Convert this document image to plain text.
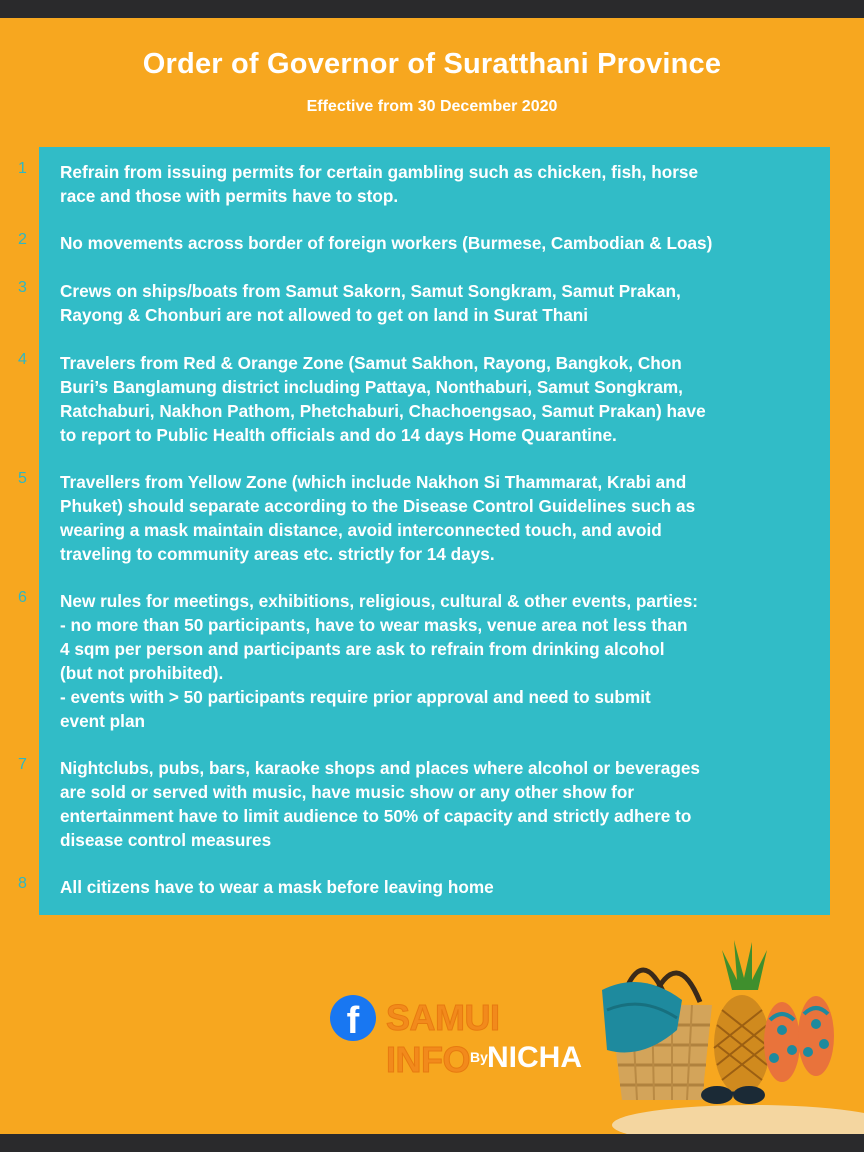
Order of Governor of Suratthani Province
Effective from 30 December 2020
1 Refrain from issuing permits for certain gambling such as chicken, fish, horse
race and those with permits have to stop.
2 No movements across border of foreign workers (Burmese, Cambodian & Loas)
3 Crews on ships/boats from Samut Sakorn, Samut Songkram, Samut Prakan,
Rayong & Chonburi are not allowed to get on land in Surat Thani
4 Travelers from Red & Orange Zone (Samut Sakhon, Rayong, Bangkok, Chon
Buri’s Banglamung district including Pattaya, Nonthaburi, Samut Songkram,
Ratchaburi, Nakhon Pathom, Phetchaburi, Chachoengsao, Samut Prakan) have
to report to Public Health officials and do 14 days Home Quarantine.
5 Travellers from Yellow Zone (which include Nakhon Si Thammarat, Krabi and
Phuket) should separate according to the Disease Control Guidelines such as
wearing a mask maintain distance, avoid interconnected touch, and avoid
traveling to community areas etc. strictly for 14 days.
6 New rules for meetings, exhibitions, religious, cultural & other events, parties:
- no more than 50 participants, have to wear masks, venue area not less than
4 sqm per person and participants are ask to refrain from drinking alcohol
(but not prohibited).
- events with > 50 participants require prior approval and need to submit
event plan
7 Nightclubs, pubs, bars, karaoke shops and places where alcohol or beverages
are sold or served with music, have music show or any other show for
entertainment have to limit audience to 50% of capacity and strictly adhere to
disease control measures
8 All citizens have to wear a mask before leaving home
f SAMUI INFO By NICHA
